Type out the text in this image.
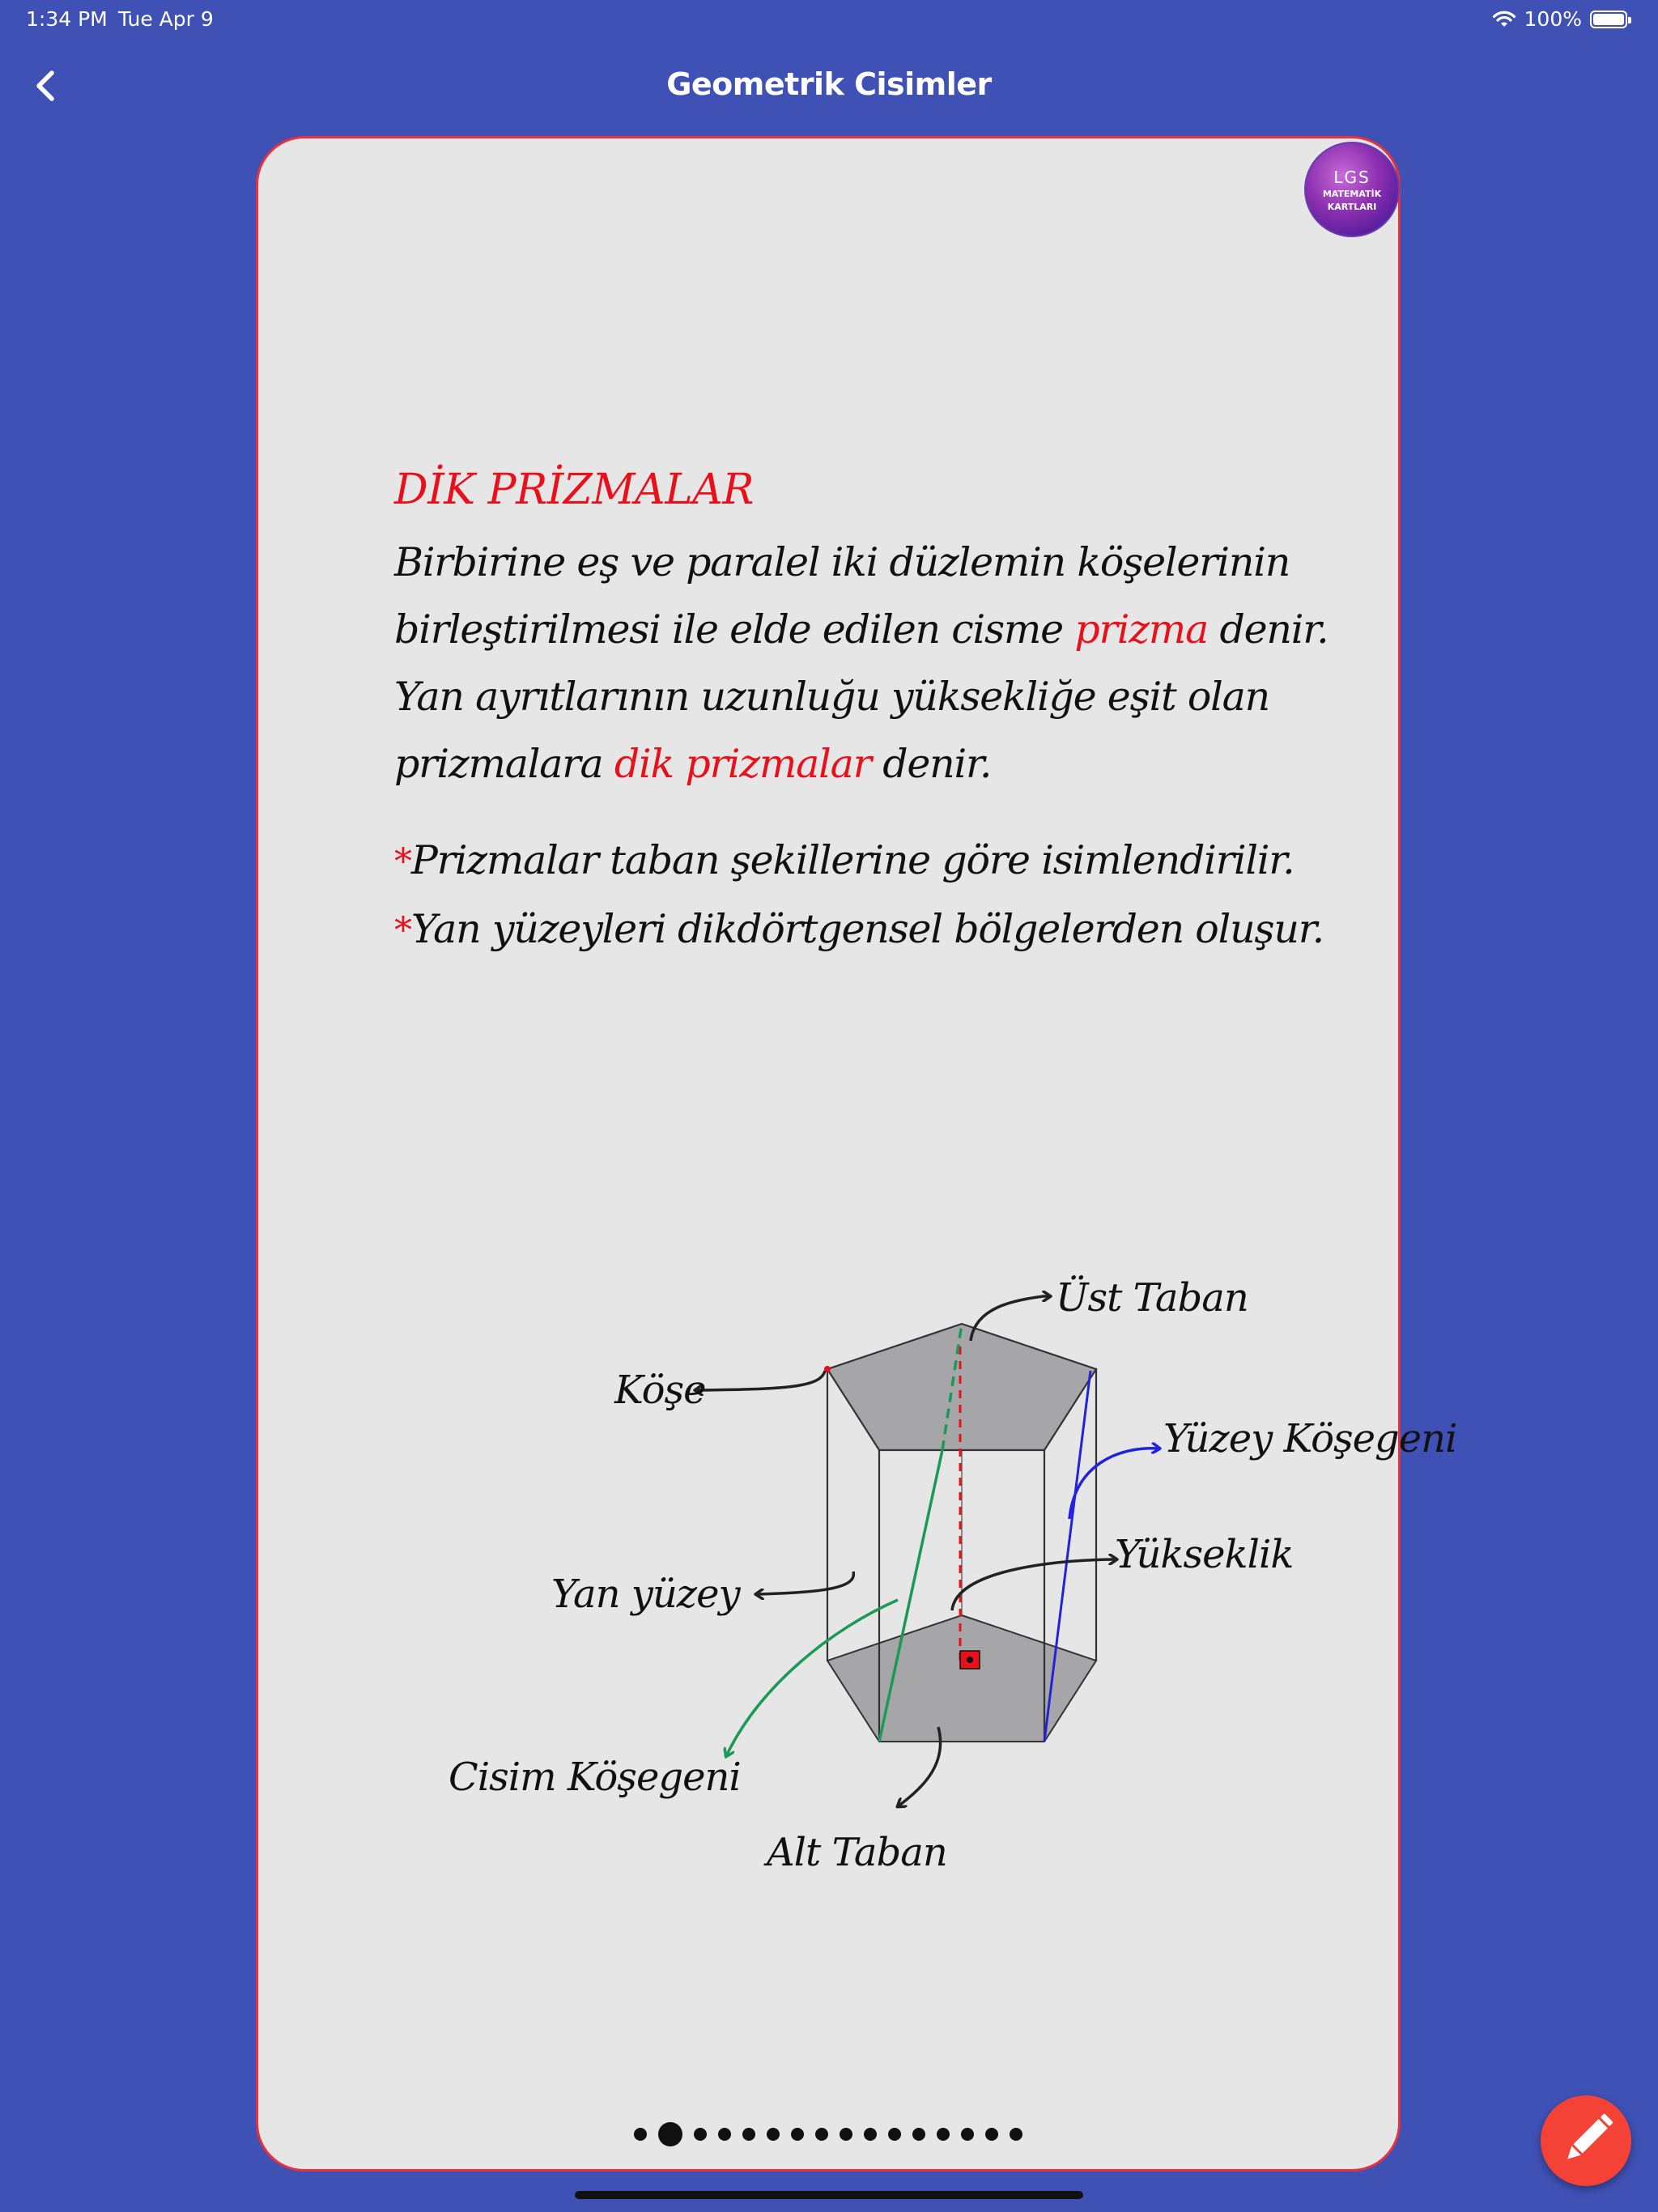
1:34 PM Tue Apr 9	100%
Geometrik Cisimler
LGS
MATEMATİK
KARTLARI
DİK PRİZMALAR
Birbirine eş ve paralel iki düzlemin köşelerinin
birleştirilmesi ile elde edilen cisme prizma denir.
Yan ayrıtlarının uzunluğu yüksekliğe eşit olan
prizmalara dik prizmalar denir.
*Prizmalar taban şekillerine göre isimlendirilir.
*Yan yüzeyleri dikdörtgensel bölgelerden oluşur.
Üst Taban
Köşe
Yüzey Köşegeni
Yükseklik
Yan yüzey
Cisim Köşegeni
Alt Taban
